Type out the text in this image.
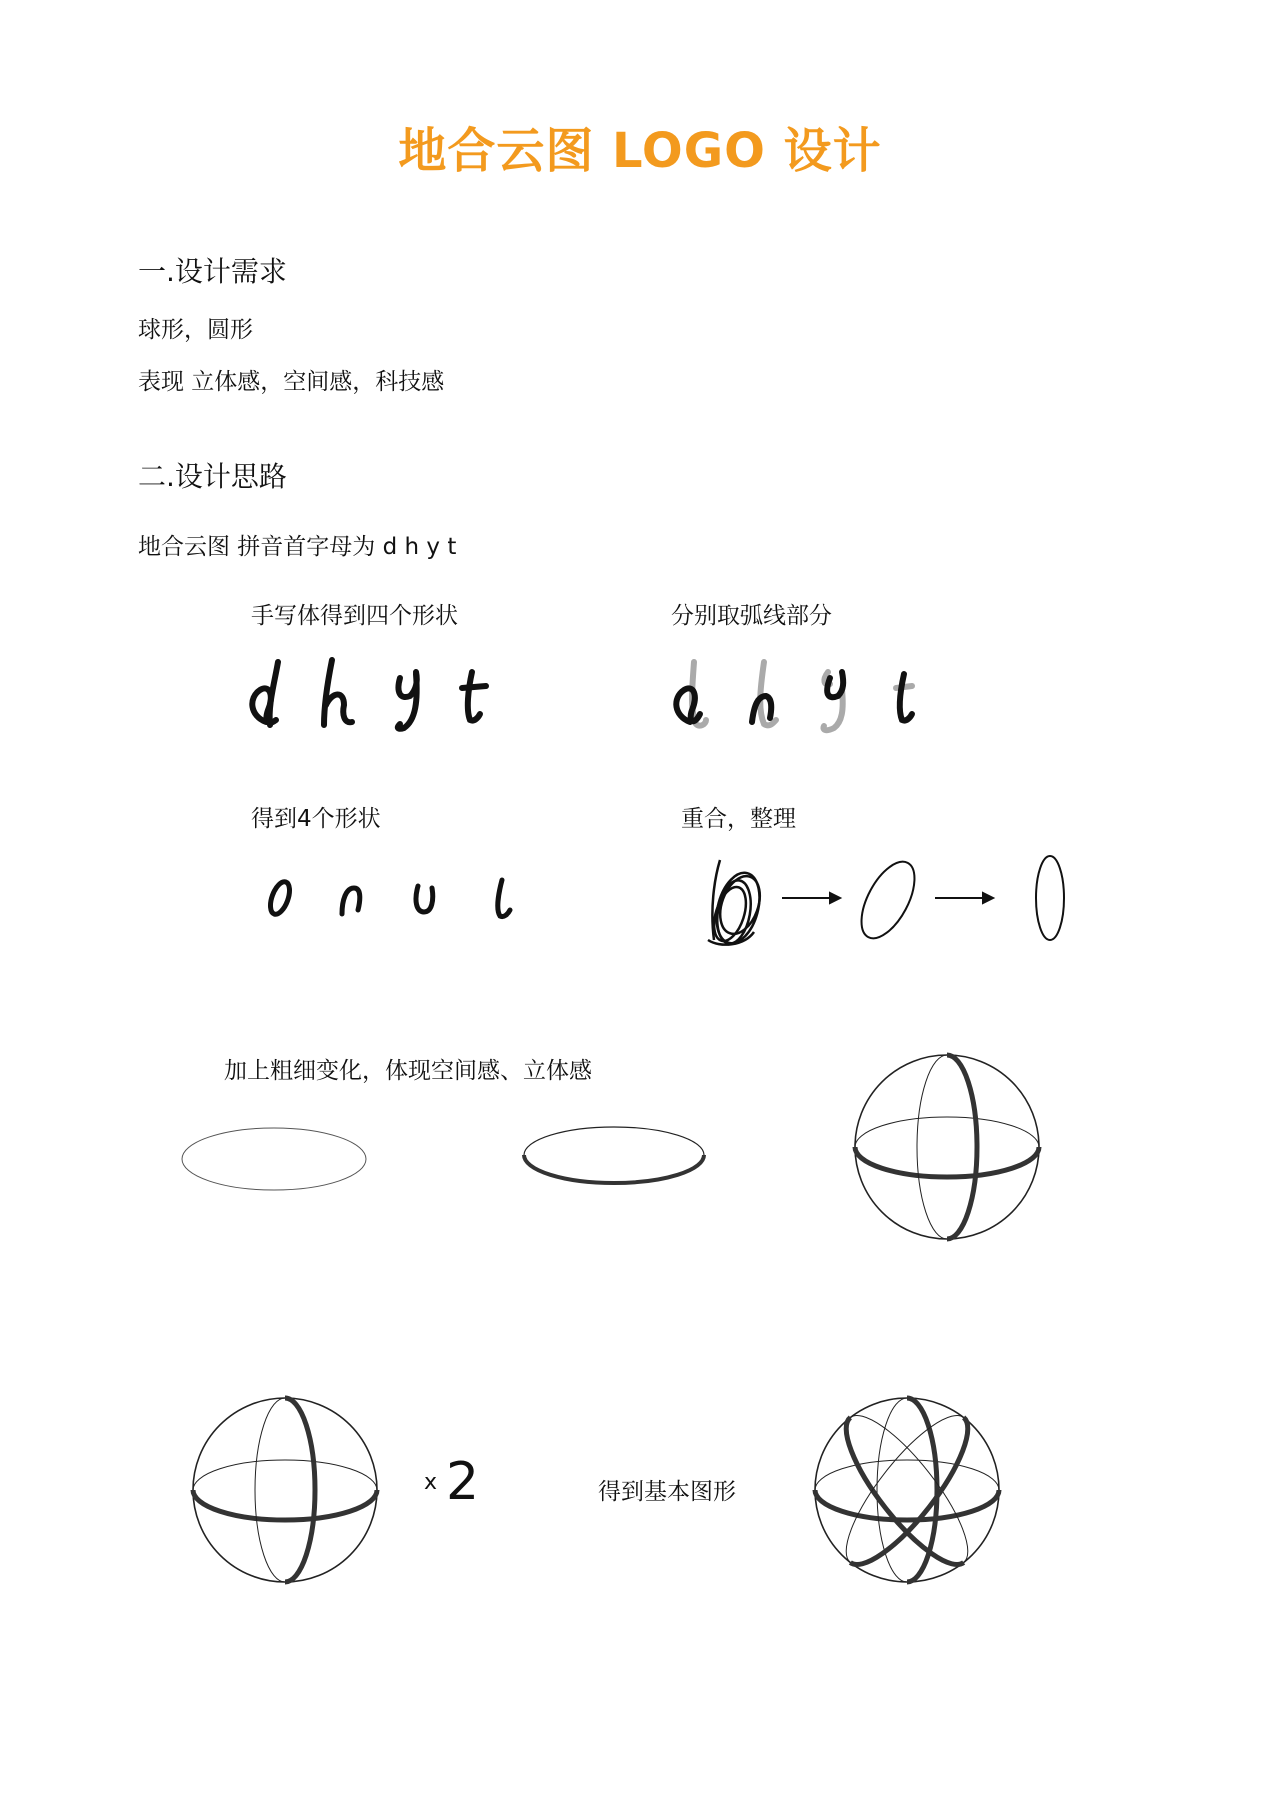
地合云图 LOGO 设计
一.设计需求
球形，圆形
表现 立体感，空间感，科技感
二.设计思路
地合云图 拼音首字母为 d h y t
手写体得到四个形状	分别取弧线部分
得到4个形状	重合，整理
加上粗细变化，体现空间感、立体感
得到基本图形
x 2
